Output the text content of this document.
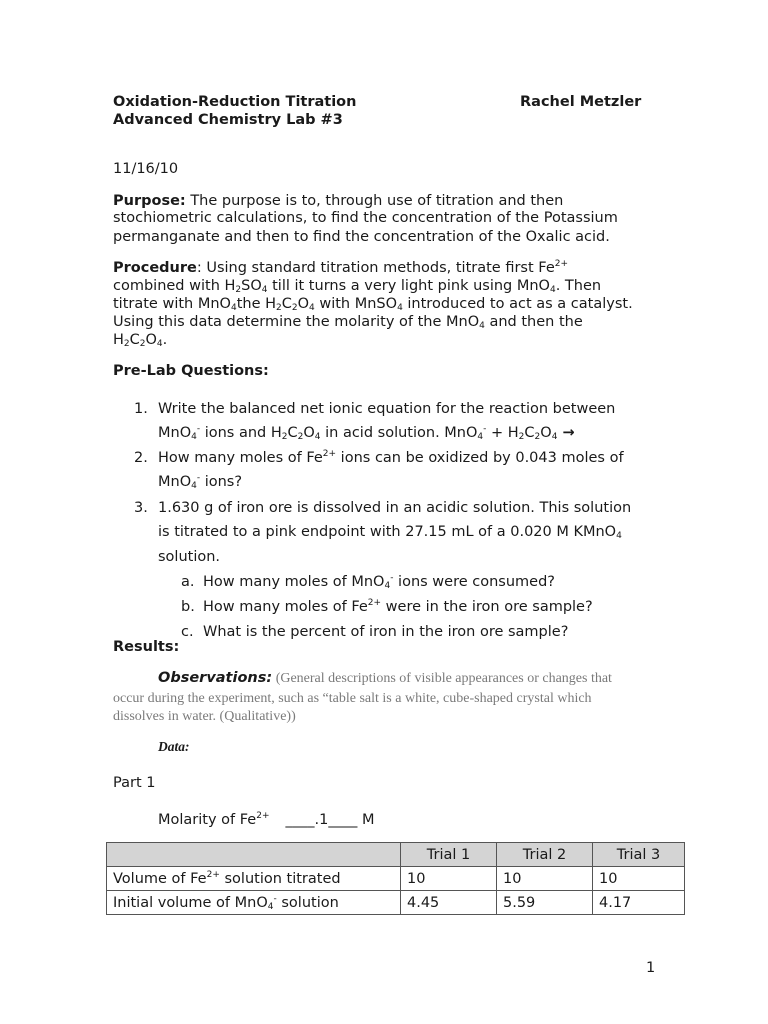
Oxidation-Reduction Titration	Rachel Metzler
Advanced Chemistry Lab #3
11/16/10
Purpose: The purpose is to, through use of titration and then
stochiometric calculations, to find the concentration of the Potassium
permanganate and then to find the concentration of the Oxalic acid.
Procedure: Using standard titration methods, titrate first $Fe^{2+}$
combined with $H_2SO_4$ till it turns a very light pink using MnO$_4$. Then
titrate with MnO$_4$the $H_2C_2O_4$ with MnSO$_4$ introduced to act as a catalyst.
Using this data determine the molarity of the MnO$_4$ and then the
$H_2C_2O_4$.
Pre-Lab Questions:
1. Write the balanced net ionic equation for the reaction between
MnO$_4$- ions and $H_2C_2O_4$ in acid solution. $MnO_4^- + H_2C_2O_4$ →
2. How many moles of $Fe^{2+}$ ions can be oxidized by 0.043 moles of
MnO$_4$- ions?
3. 1.630 g of iron ore is dissolved in an acidic solution. This solution
is titrated to a pink endpoint with 27.15 mL of a 0.020 M KMnO$_4$
solution.
a. How many moles of MnO$_4$- ions were consumed?
b. How many moles of $Fe^{2+}$ were in the iron ore sample?
c. What is the percent of iron in the iron ore sample?
Results:
Observations: (General descriptions of visible appearances or changes that
occur during the experiment, such as “table salt is a white, cube-shaped crystal which
dissolves in water. (Qualitative))
Data:
Part 1
Molarity of $Fe^{2+}$ ____.1____ M
	Trial 1	Trial 2	Trial 3
Volume of $Fe^{2+}$ solution titrated	10	10	10
Initial volume of MnO$_4$- solution	4.45	5.59	4.17
1
